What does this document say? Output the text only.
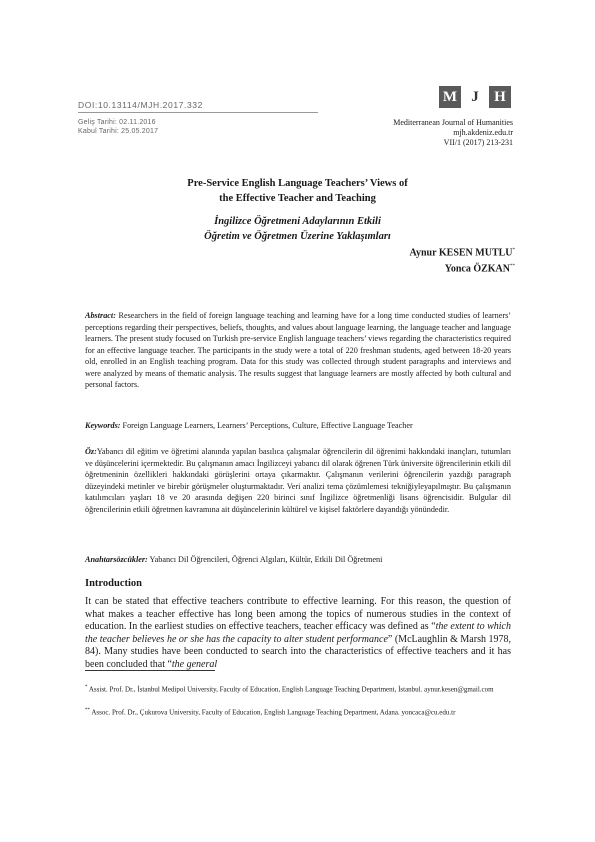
DOI:10.13114/MJH.2017.332
Geliş Tarihi: 02.11.2016
Kabul Tarihi: 25.05.2017
M J	H
Mediterranean Journal of Humanities
mjh.akdeniz.edu.tr
VII/1 (2017) 213-231
Pre-Service English Language Teachers’ Views of
the Effective Teacher and Teaching
İngilizce Öğretmeni Adaylarının Etkili
Öğretim ve Öğretmen Üzerine Yaklaşımları
Aynur KESEN MUTLU*
Yonca ÖZKAN**
Abstract: Researchers in the field of foreign language teaching and learning have for a long time conducted studies of learners’ perceptions regarding their perspectives, beliefs, thoughts, and values about language learning, the language teacher and language learners. The present study focused on Turkish pre-service English language teachers’ views regarding the characteristics required for an effective language teacher. The participants in the study were a total of 220 freshman students, aged between 18-20 years old, enrolled in an English teaching program. Data for this study was collected through student paragraphs and interviews and were analyzed by means of thematic analysis. The results suggest that language learners are mostly affected by both cultural and personal factors.
Keywords: Foreign Language Learners, Learners’ Perceptions, Culture, Effective Language Teacher
Öz:Yabancı dil eğitim ve öğretimi alanında yapılan basılıca çalışmalar öğrencilerin dil öğrenimi hakkındaki inançları, tutumları ve düşüncelerini içermektedir. Bu çalışmanın amacı İngilizceyi yabancı dil olarak öğrenen Türk üniversite öğrencilerinin etkili dil öğretmeninin özellikleri hakkındaki görüşlerini ortaya çıkarmaktır. Çalışmanın verilerini öğrencilerin yazdığı paragraph düzeyindeki metinler ve birebir görüşmeler oluşturmaktadır. Veri analizi tema çözümlemesi tekniğiyleyapılmıştır. Bu çalışmanın katılımcıları yaşları 18 ve 20 arasında değişen 220 birinci sınıf İngilizce öğretmenliği lisans öğrencisidir. Bulgular dil öğrencilerinin etkili öğretmen kavramına ait düşüncelerinin kültürel ve kişisel faktörlere dayandığı yönündedir.
Anahtarsözcükler: Yabancı Dil Öğrencileri, Öğrenci Algıları, Kültür, Etkili Dil Öğretmeni
Introduction
It can be stated that effective teachers contribute to effective learning. For this reason, the question of what makes a teacher effective has long been among the topics of numerous studies in the context of education. In the earliest studies on effective teachers, teacher efficacy was defined as “the extent to which the teacher believes he or she has the capacity to alter student performance” (McLaughlin & Marsh 1978, 84). Many studies have been conducted to search into the characteristics of effective teachers and it has been concluded that “the general
* Assist. Prof. Dr., İstanbul Medipol University, Faculty of Education, English Language Teaching Department, İstanbul. aynur.kesen@gmail.com
** Assoc. Prof. Dr., Çukurova University, Faculty of Education, English Language Teaching Department, Adana. yoncaca@cu.edu.tr
